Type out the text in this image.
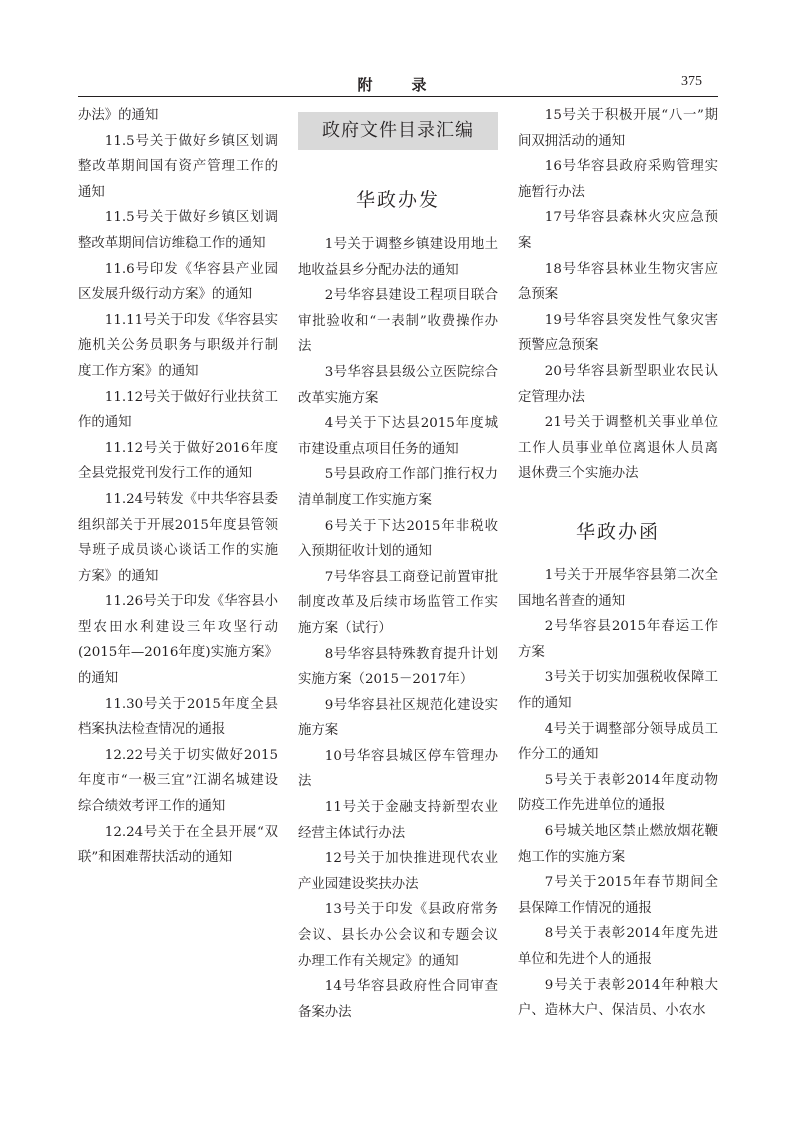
附　录	375

办法》的通知

11.5号关于做好乡镇区划调整改革期间国有资产管理工作的通知

11.5号关于做好乡镇区划调整改革期间信访维稳工作的通知

11.6号印发《华容县产业园区发展升级行动方案》的通知

11.11号关于印发《华容县实施机关公务员职务与职级并行制度工作方案》的通知

11.12号关于做好行业扶贫工作的通知

11.12号关于做好2016年度全县党报党刊发行工作的通知

11.24号转发《中共华容县委组织部关于开展2015年度县管领导班子成员谈心谈话工作的实施方案》的通知

11.26号关于印发《华容县小型农田水利建设三年攻坚行动(2015年—2016年度)实施方案》的通知

11.30号关于2015年度全县档案执法检查情况的通报

12.22号关于切实做好2015年度市“一极三宜”江湖名城建设综合绩效考评工作的通知

12.24号关于在全县开展“双联”和困难帮扶活动的通知

政府文件目录汇编
华政办发

1号关于调整乡镇建设用地土地收益县乡分配办法的通知

2号华容县建设工程项目联合审批验收和“一表制”收费操作办法

3号华容县县级公立医院综合改革实施方案

4号关于下达县2015年度城市建设重点项目任务的通知

5号县政府工作部门推行权力清单制度工作实施方案

6号关于下达2015年非税收入预期征收计划的通知

7号华容县工商登记前置审批制度改革及后续市场监管工作实施方案（试行）

8号华容县特殊教育提升计划实施方案（2015－2017年）

9号华容县社区规范化建设实施方案

10号华容县城区停车管理办法

11号关于金融支持新型农业经营主体试行办法

12号关于加快推进现代农业产业园建设奖扶办法

13号关于印发《县政府常务会议、县长办公会议和专题会议办理工作有关规定》的通知

14号华容县政府性合同审查备案办法

15号关于积极开展“八一”期间双拥活动的通知

16号华容县政府采购管理实施暂行办法

17号华容县森林火灾应急预案

18号华容县林业生物灾害应急预案

19号华容县突发性气象灾害预警应急预案

20号华容县新型职业农民认定管理办法

21号关于调整机关事业单位工作人员事业单位离退休人员离退休费三个实施办法

华政办函

1号关于开展华容县第二次全国地名普查的通知

2号华容县2015年春运工作方案

3号关于切实加强税收保障工作的通知

4号关于调整部分领导成员工作分工的通知

5号关于表彰2014年度动物防疫工作先进单位的通报

6号城关地区禁止燃放烟花鞭炮工作的实施方案

7号关于2015年春节期间全县保障工作情况的通报

8号关于表彰2014年度先进单位和先进个人的通报

9号关于表彰2014年种粮大户、造林大户、保洁员、小农水
